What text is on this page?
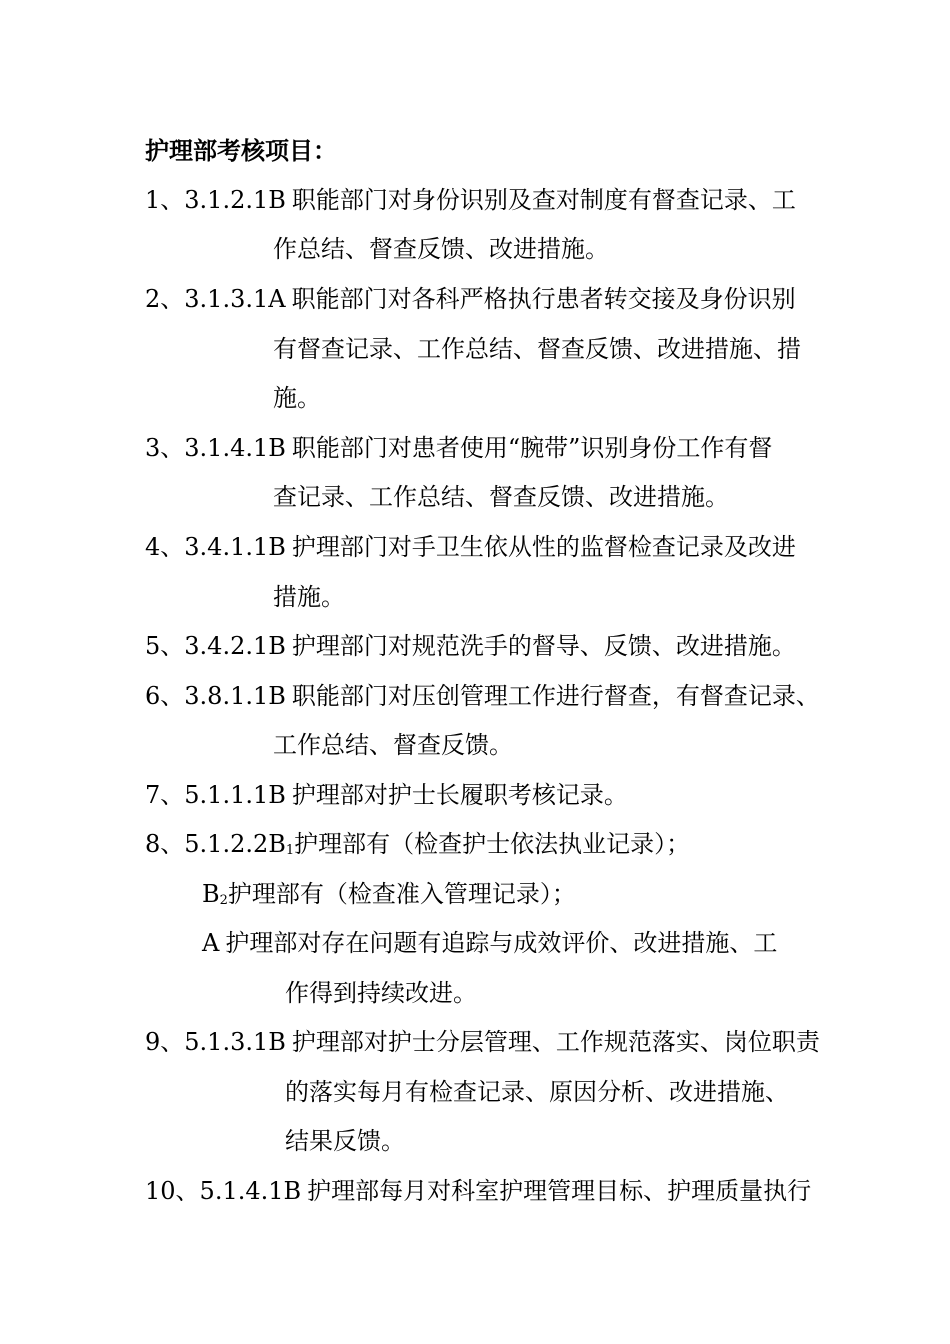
护理部考核项目：
1、3.1.2.1B 职能部门对身份识别及查对制度有督查记录、工
作总结、督查反馈、改进措施。
2、3.1.3.1A 职能部门对各科严格执行患者转交接及身份识别
有督查记录、工作总结、督查反馈、改进措施、措
施。
3、3.1.4.1B 职能部门对患者使用“腕带”识别身份工作有督
查记录、工作总结、督查反馈、改进措施。
4、3.4.1.1B 护理部门对手卫生依从性的监督检查记录及改进
措施。
5、3.4.2.1B 护理部门对规范洗手的督导、反馈、改进措施。
6、3.8.1.1B 职能部门对压创管理工作进行督查，有督查记录、
工作总结、督查反馈。
7、5.1.1.1B 护理部对护士长履职考核记录。
8、$5.1.2.2B_1$护理部有（检查护士依法执业记录）；
$B_2$护理部有（检查准入管理记录）；
A 护理部对存在问题有追踪与成效评价、改进措施、工
作得到持续改进。
9、5.1.3.1B 护理部对护士分层管理、工作规范落实、岗位职责
的落实每月有检查记录、原因分析、改进措施、
结果反馈。
10、5.1.4.1B 护理部每月对科室护理管理目标、护理质量执行
